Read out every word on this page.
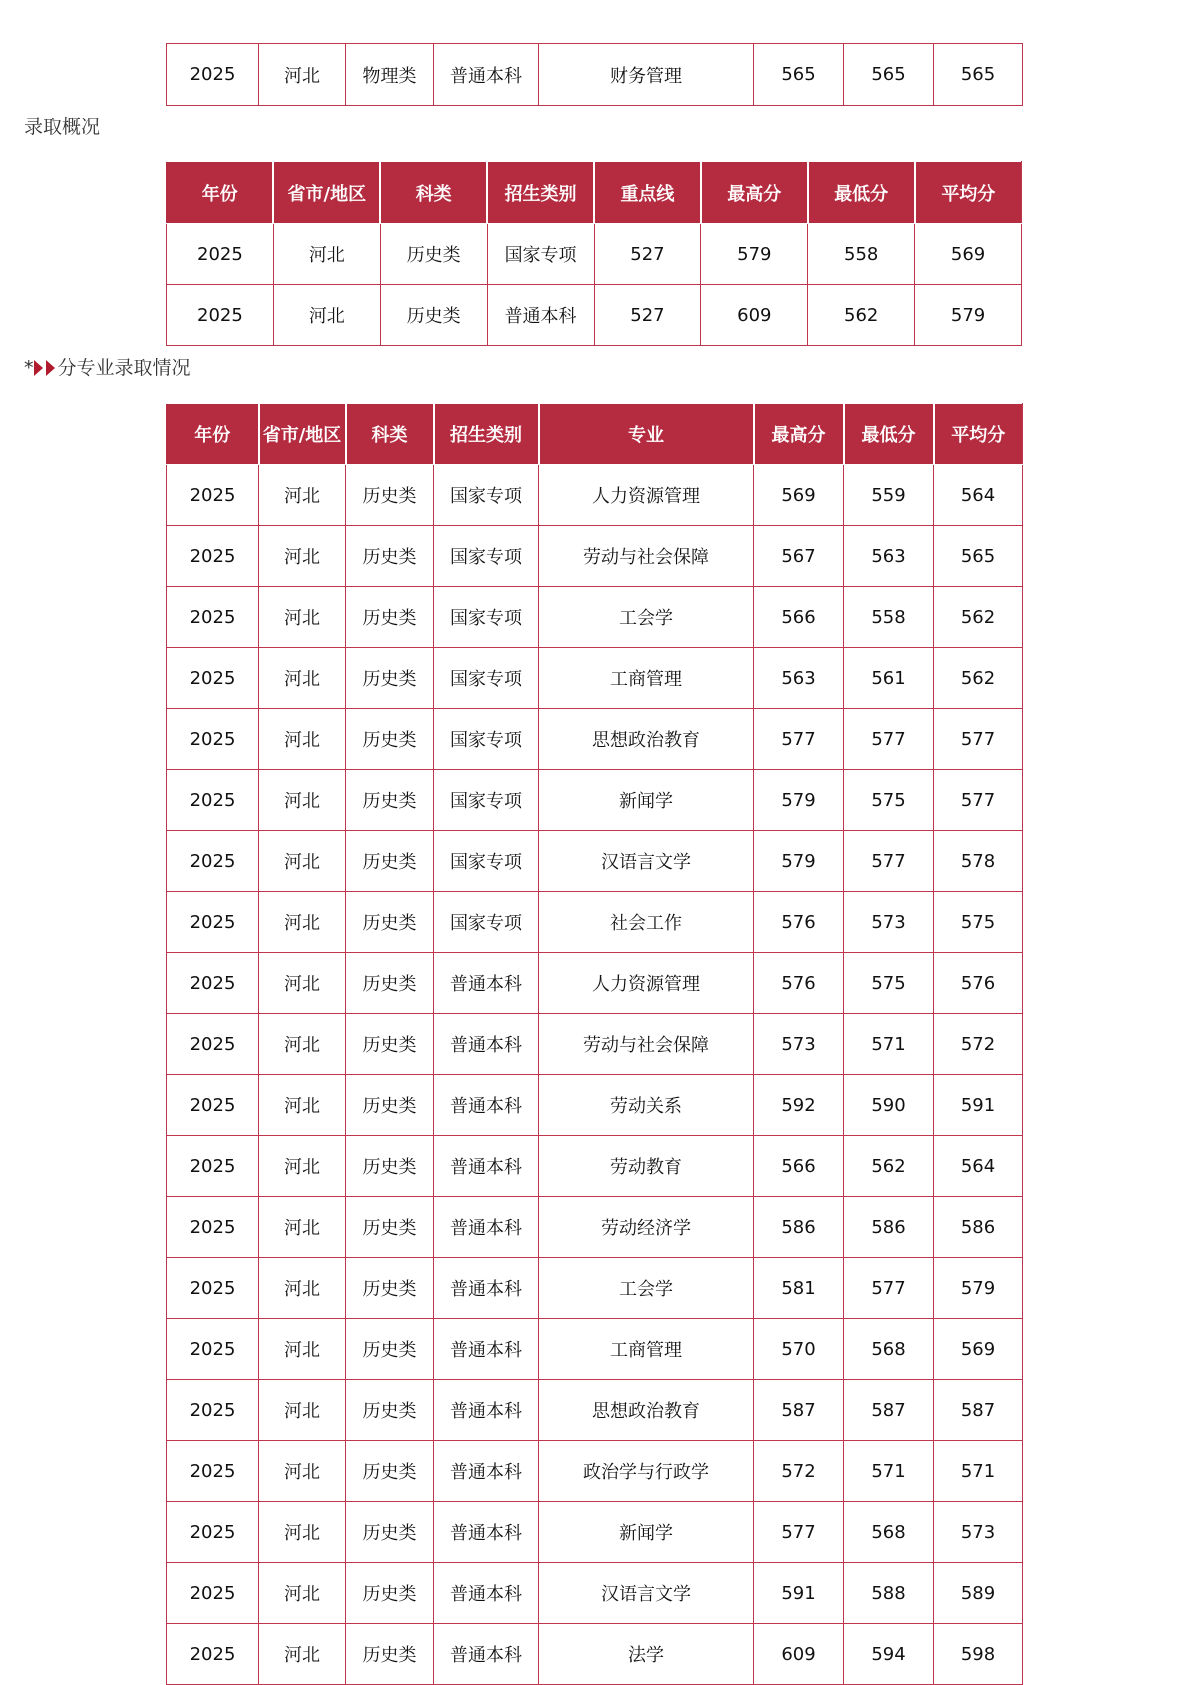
2025	河北	物理类	普通本科	财务管理	565	565	565
录取概况
年份	省市/地区	科类	招生类别	重点线	最高分	最低分	平均分
2025	河北	历史类	国家专项	527	579	558	569
2025	河北	历史类	普通本科	527	609	562	579
* 分专业录取情况
年份	省市/地区	科类	招生类别	专业	最高分	最低分	平均分
2025	河北	历史类	国家专项	人力资源管理	569	559	564
2025	河北	历史类	国家专项	劳动与社会保障	567	563	565
2025	河北	历史类	国家专项	工会学	566	558	562
2025	河北	历史类	国家专项	工商管理	563	561	562
2025	河北	历史类	国家专项	思想政治教育	577	577	577
2025	河北	历史类	国家专项	新闻学	579	575	577
2025	河北	历史类	国家专项	汉语言文学	579	577	578
2025	河北	历史类	国家专项	社会工作	576	573	575
2025	河北	历史类	普通本科	人力资源管理	576	575	576
2025	河北	历史类	普通本科	劳动与社会保障	573	571	572
2025	河北	历史类	普通本科	劳动关系	592	590	591
2025	河北	历史类	普通本科	劳动教育	566	562	564
2025	河北	历史类	普通本科	劳动经济学	586	586	586
2025	河北	历史类	普通本科	工会学	581	577	579
2025	河北	历史类	普通本科	工商管理	570	568	569
2025	河北	历史类	普通本科	思想政治教育	587	587	587
2025	河北	历史类	普通本科	政治学与行政学	572	571	571
2025	河北	历史类	普通本科	新闻学	577	568	573
2025	河北	历史类	普通本科	汉语言文学	591	588	589
2025	河北	历史类	普通本科	法学	609	594	598
